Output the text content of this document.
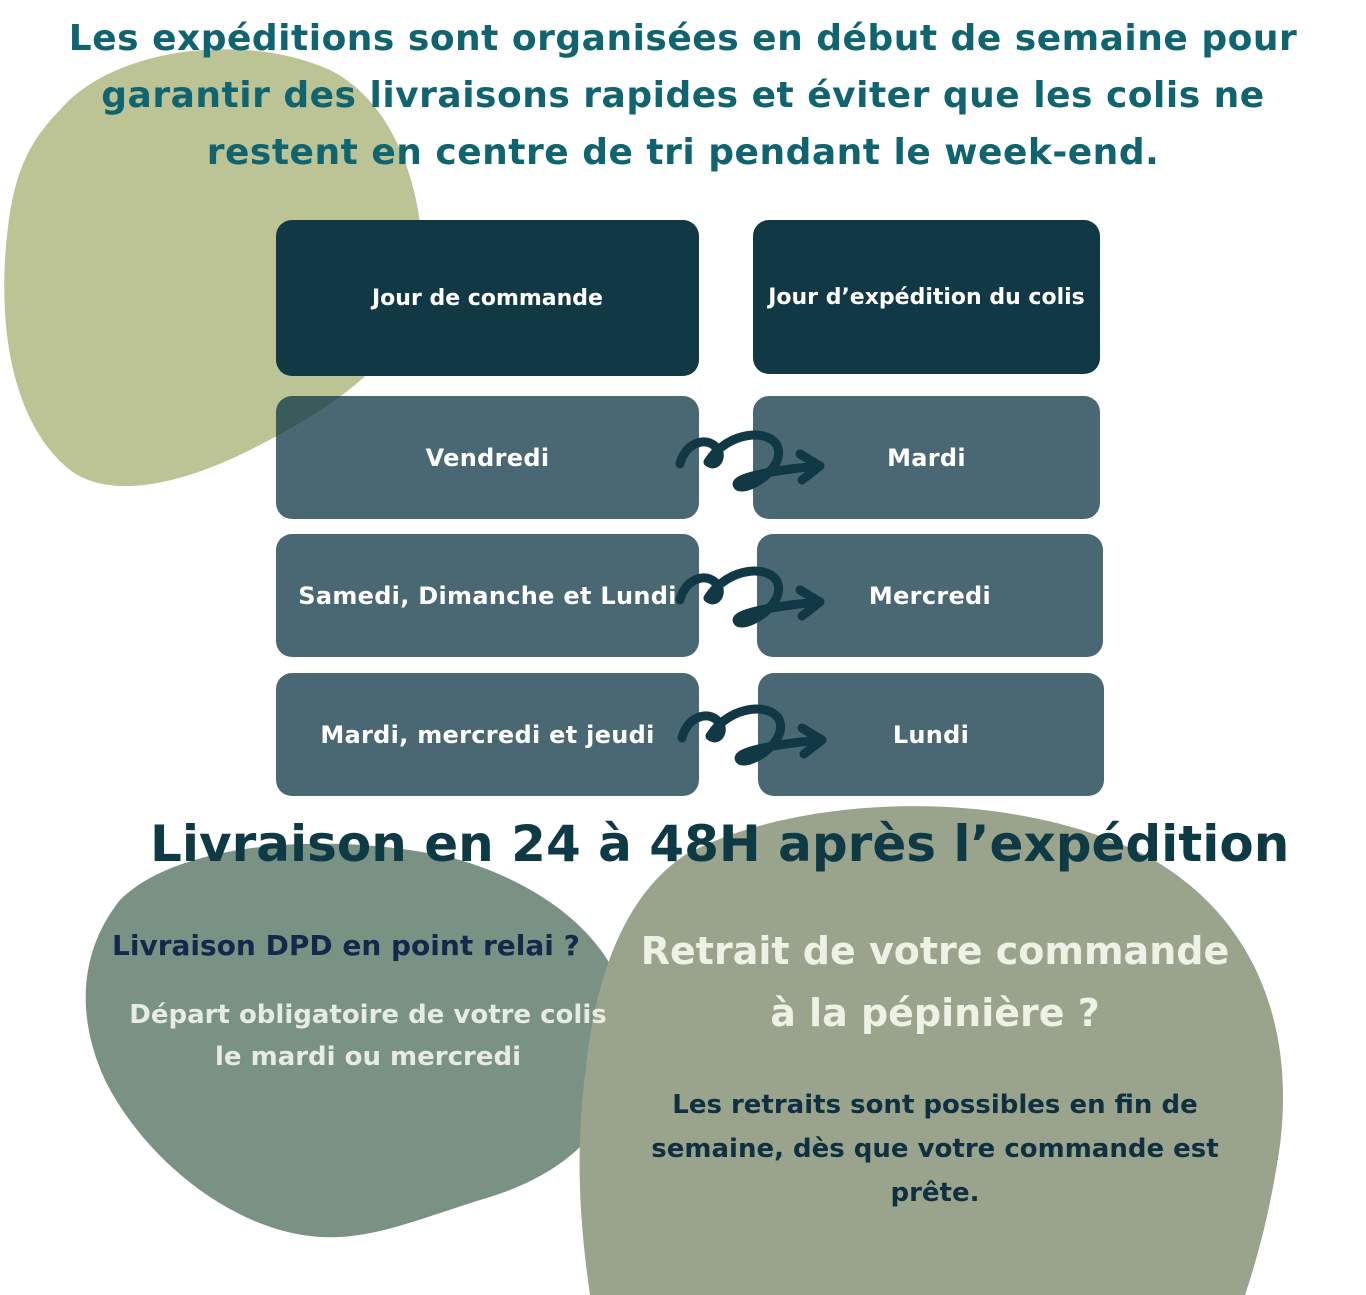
Les expéditions sont organisées en début de semaine pour garantir des livraisons rapides et éviter que les colis ne restent en centre de tri pendant le week-end.

Jour de commande	Jour d’expédition du colis
Vendredi	Mardi
Samedi, Dimanche et Lundi	Mercredi
Mardi, mercredi et jeudi	Lundi

Livraison en 24 à 48H après l’expédition

Livraison DPD en point relai ?
Départ obligatoire de votre colis le mardi ou mercredi
Retrait de votre commande à la pépinière ?
Les retraits sont possibles en fin de semaine, dès que votre commande est prête.
